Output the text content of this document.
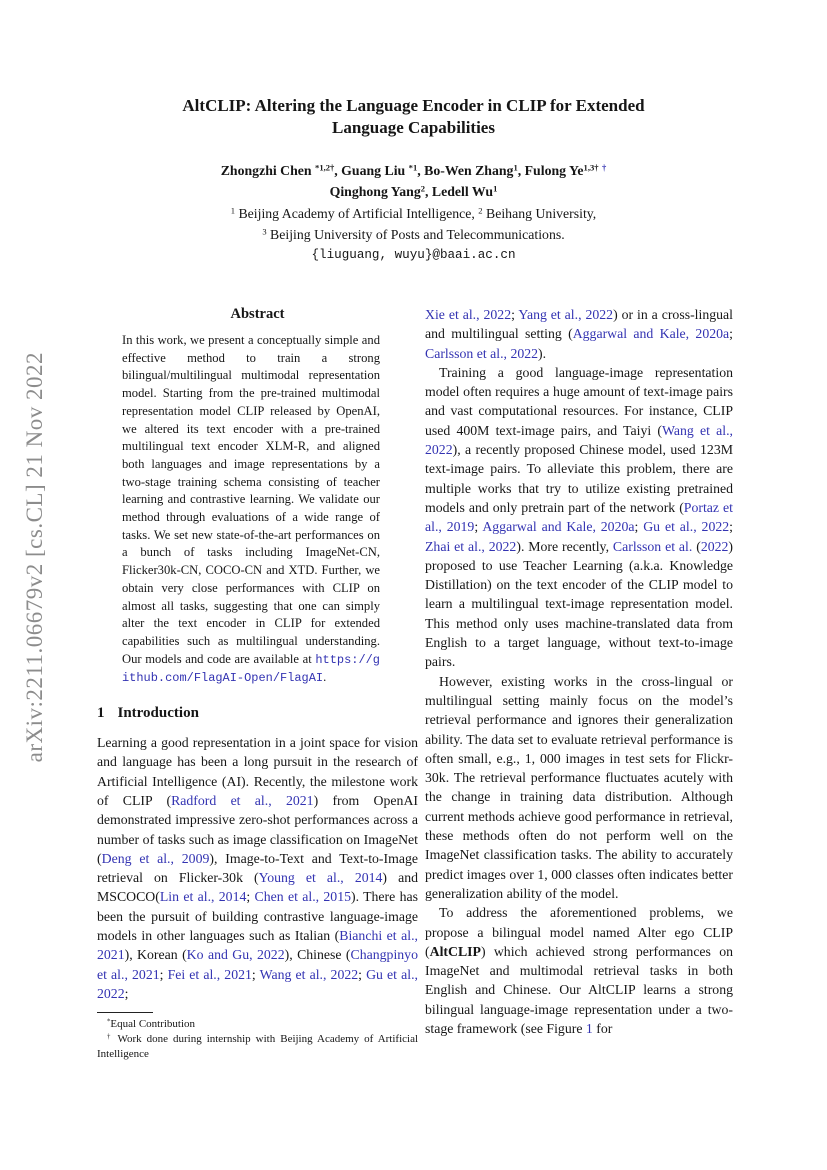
arXiv:2211.06679v2 [cs.CL] 21 Nov 2022
AltCLIP: Altering the Language Encoder in CLIP for Extended
Language Capabilities
Zhongzhi Chen $^{*1,2\dagger}$, Guang Liu $^{*1}$, Bo-Wen Zhang$^1$, Fulong $Ye^{1,3\dagger}$ †
Qinghong Yang$^2$, Ledell Wu$^1$
$^1$ Beijing Academy of Artificial Intelligence, $^2$ Beihang University,
$^3$ Beijing University of Posts and Telecommunications.
{liuguang, wuyu}@baai.ac.cn
Abstract
In this work, we present a conceptually simple and effective method to train a strong bilingual/multilingual multimodal representation model. Starting from the pre-trained multimodal representation model CLIP released by OpenAI, we altered its text encoder with a pre-trained multilingual text encoder XLM-R, and aligned both languages and image representations by a two-stage training schema consisting of teacher learning and contrastive learning. We validate our method through evaluations of a wide range of tasks. We set new state-of-the-art performances on a bunch of tasks including ImageNet-CN, Flicker30k-CN, COCO-CN and XTD. Further, we obtain very close performances with CLIP on almost all tasks, suggesting that one can simply alter the text encoder in CLIP for extended capabilities such as multilingual understanding. Our models and code are available at https://github.com/FlagAI-Open/FlagAI.
1 Introduction

Learning a good representation in a joint space for vision and language has been a long pursuit in the research of Artificial Intelligence (AI). Recently, the milestone work of CLIP (Radford et al., 2021) from OpenAI demonstrated impressive zero-shot performances across a number of tasks such as image classification on ImageNet (Deng et al., 2009), Image-to-Text and Text-to-Image retrieval on Flicker-30k (Young et al., 2014) and MSCOCO(Lin et al., 2014; Chen et al., 2015). There has been the pursuit of building contrastive language-image models in other languages such as Italian (Bianchi et al., 2021), Korean (Ko and Gu, 2022), Chinese (Changpinyo et al., 2021; Fei et al., 2021; Wang et al., 2022; Gu et al., 2022;

Xie et al., 2022; Yang et al., 2022) or in a cross-lingual and multilingual setting (Aggarwal and Kale, 2020a; Carlsson et al., 2022).

Training a good language-image representation model often requires a huge amount of text-image pairs and vast computational resources. For instance, CLIP used 400M text-image pairs, and Taiyi (Wang et al., 2022), a recently proposed Chinese model, used 123M text-image pairs. To alleviate this problem, there are multiple works that try to utilize existing pretrained models and only pretrain part of the network (Portaz et al., 2019; Aggarwal and Kale, 2020a; Gu et al., 2022; Zhai et al., 2022). More recently, Carlsson et al. (2022) proposed to use Teacher Learning (a.k.a. Knowledge Distillation) on the text encoder of the CLIP model to learn a multilingual text-image representation model. This method only uses machine-translated data from English to a target language, without text-to-image pairs.

However, existing works in the cross-lingual or multilingual setting mainly focus on the model’s retrieval performance and ignores their generalization ability. The data set to evaluate retrieval performance is often small, e.g., 1, 000 images in test sets for Flickr-30k. The retrieval performance fluctuates acutely with the change in training data distribution. Although current methods achieve good performance in retrieval, these methods often do not perform well on the ImageNet classification tasks. The ability to accurately predict images over 1, 000 classes often indicates better generalization ability of the model.

To address the aforementioned problems, we propose a bilingual model named Alter ego CLIP (AltCLIP) which achieved strong performances on ImageNet and multimodal retrieval tasks in both English and Chinese. Our AltCLIP learns a strong bilingual language-image representation under a two-stage framework (see Figure 1 for

*Equal Contribution

† Work done during internship with Beijing Academy of Artificial Intelligence
